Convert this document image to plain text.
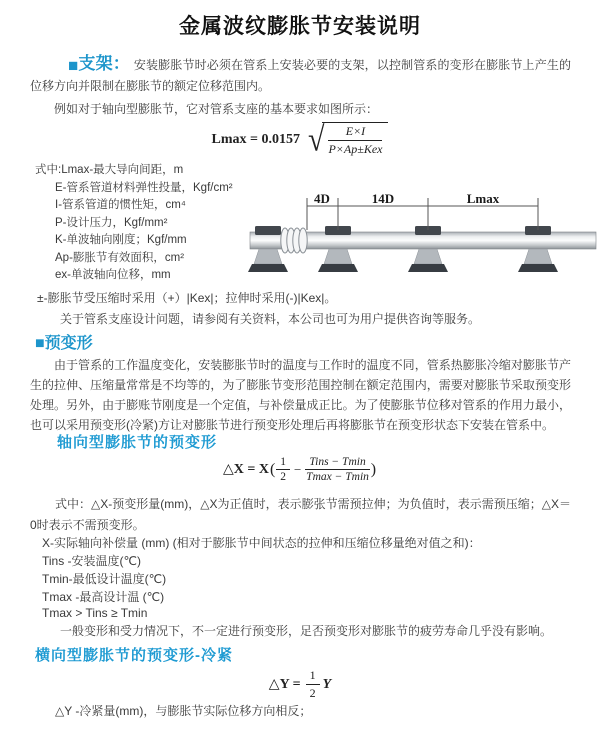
金属波纹膨胀节安装说明
■支架： 安装膨胀节时必须在管系上安装必要的支架，以控制管系的变形在膨胀节上产生的位移方向并限制在膨胀节的额定位移范围内。
例如对于轴向型膨胀节，它对管系支座的基本要求如图所示：
Lmax = 0.0157 √ $\frac{E\times I}{\text{P×Ap±Kex}}$
式中:Lmax-最大导向间距，m
E-管系管道材料弹性投量，Kgf/cm²
I-管系管道的惯性矩，cm⁴
P-设计压力，Kgf/mm²
K-单波轴向刚度；Kgf/mm
Ap-膨胀节有效面积，cm²
ex-单波轴向位移，mm
4D	14D	Lmax
±-膨胀节受压缩时采用（+）|Kex|；拉伸时采用(-)|Kex|。
关于管系支座设计问题，请参阅有关资料，本公司也可为用户提供咨询等服务。
■预变形
由于管系的工作温度变化，安装膨胀节时的温度与工作时的温度不同，管系热膨胀冷缩对膨胀节产生的拉伸、压缩量常常是不均等的，为了膨胀节变形范围控制在额定范围内，需要对膨胀节采取预变形处理。另外，由于膨账节刚度是一个定值，与补偿量成正比。为了使膨胀节位移对管系的作用力最小，也可以采用预变形(冷紧)方让对膨胀节进行预变形处理后再将膨胀节在预变形状态下安装在管系中。
轴向型膨胀节的预变形
△X = X ( $\frac{1}{2} - \frac{\text{Tins − Tmin}}{Tmax - Tmin}$ )
式中：△X-预变形量(mm)，△X为正值时，表示膨张节需预拉伸；为负值时，表示需预压缩；△X＝0时表示不需预变形。
X-实际轴向补偿量 (mm) (相对于膨胀节中间状态的拉伸和压缩位移量绝对值之和)：
Tins -安装温度(℃)
Tmin-最低设计温度(℃)
Tmax -最高设计温 (℃)
Tmax > Tins ≥ Tmin
一般变形和受力情况下，不一定进行预变形，足否预变形对膨胀节的疲劳寿命几乎没有影响。
横向型膨胀节的预变形-冷紧
△Y = $\frac{1}{2}$ Y
△Y -冷紧量(mm)，与膨胀节实际位移方向相反；
